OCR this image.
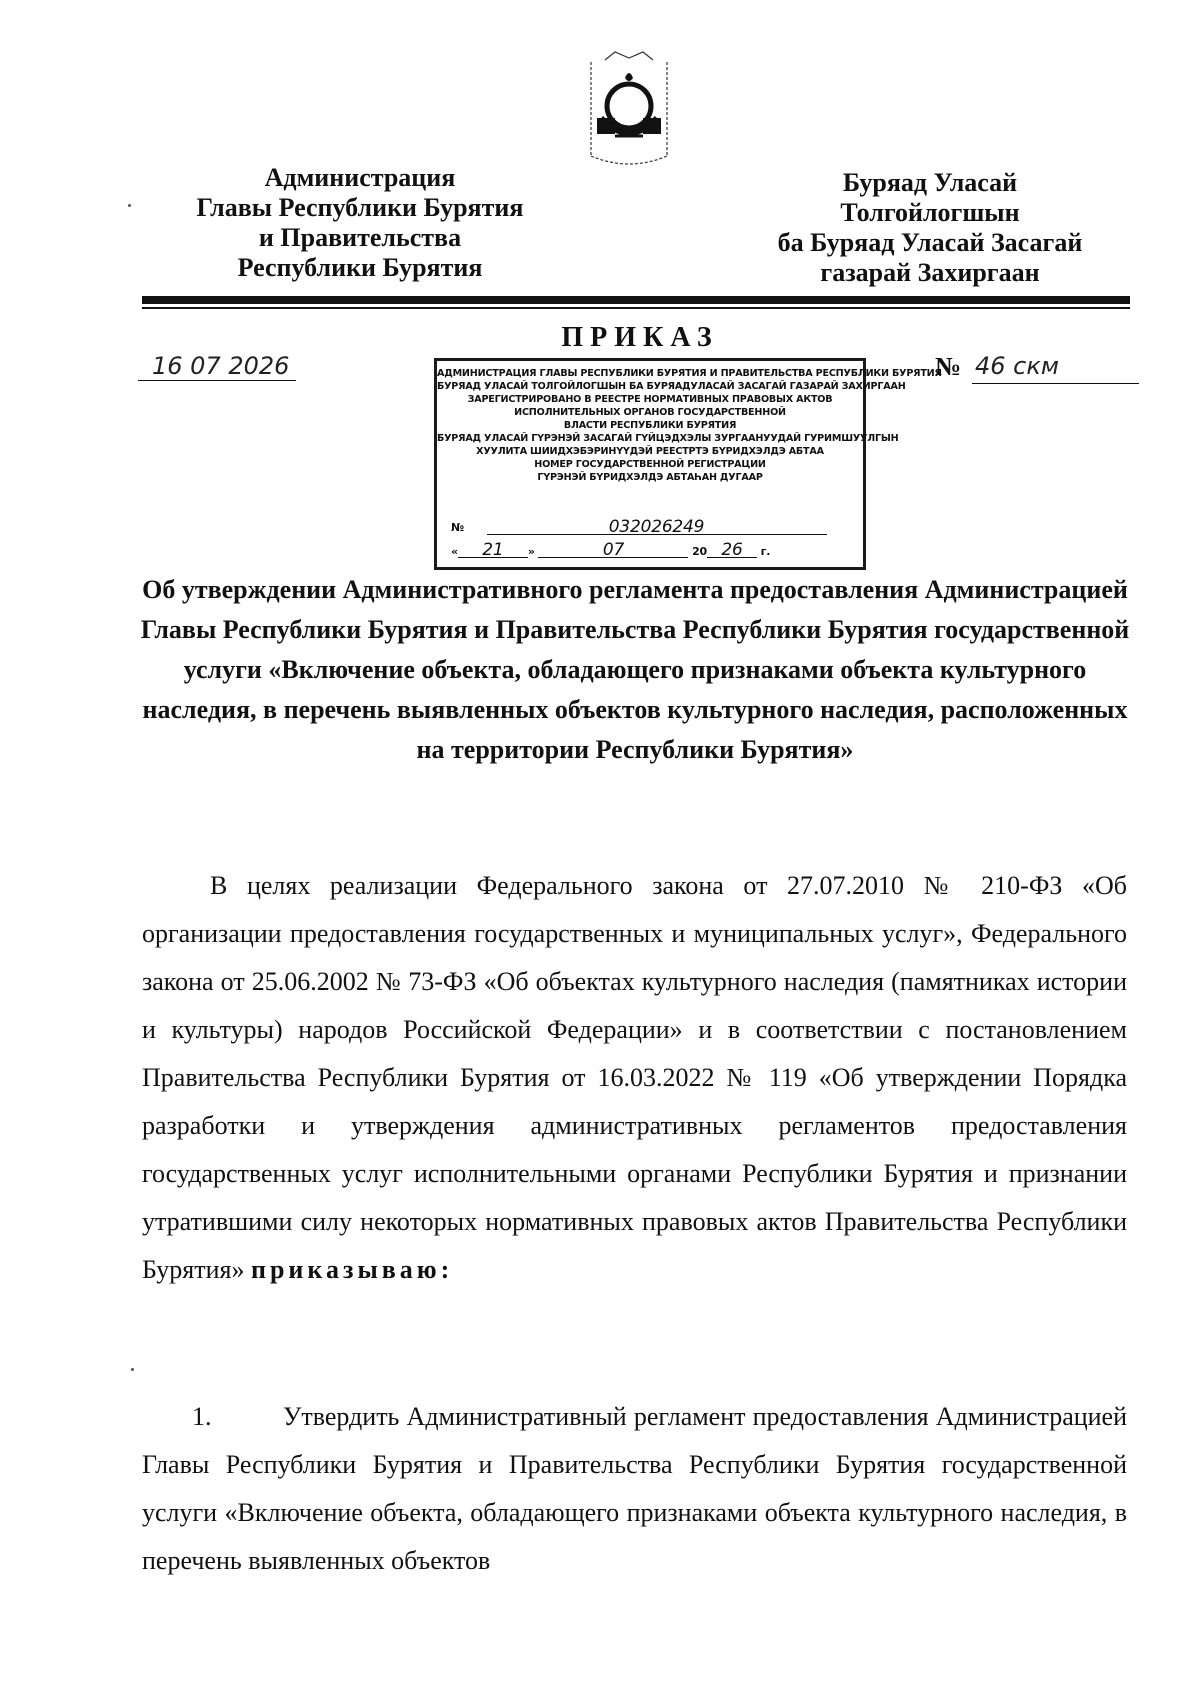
Администрация
Главы Республики Бурятия
и Правительства
Республики Бурятия
Буряад Уласай
Толгойлогшын
ба Буряад Уласай Засагай
газарай Захиргаан
ПРИКАЗ
16 07 2026	№ 46 скм
АДМИНИСТРАЦИЯ ГЛАВЫ РЕСПУБЛИКИ БУРЯТИЯ И ПРАВИТЕЛЬСТВА РЕСПУБЛИКИ БУРЯТИЯ
БУРЯАД УЛАСАЙ ТОЛГОЙЛОГШЫН БА БУРЯАДУЛАСАЙ ЗАСАГАЙ ГАЗАРАЙ ЗАХИРГААН
ЗАРЕГИСТРИРОВАНО В РЕЕСТРЕ НОРМАТИВНЫХ ПРАВОВЫХ АКТОВ
ИСПОЛНИТЕЛЬНЫХ ОРГАНОВ ГОСУДАРСТВЕННОЙ
ВЛАСТИ РЕСПУБЛИКИ БУРЯТИЯ
БУРЯАД УЛАСАЙ ГҮРЭНЭЙ ЗАСАГАЙ ГҮЙЦЭДХЭЛЫ ЗУРГААНУУДАЙ ГУРИМШУУЛГЫН
ХУУЛИТА ШИИДХЭБЭРИНҮҮДЭЙ РЕЕСТРТЭ БҮРИДХЭЛДЭ АБТАА
НОМЕР ГОСУДАРСТВЕННОЙ РЕГИСТРАЦИИ
ГҮРЭНЭЙ БҮРИДХЭЛДЭ АБТАҺАН ДУГААР
№	032026249
« 21 »	07	20 26 г.
Об утверждении Административного регламента предоставления Администрацией Главы Республики Бурятия и Правительства Республики Бурятия государственной услуги «Включение объекта, обладающего признаками объекта культурного наследия, в перечень выявленных объектов культурного наследия, расположенных на территории Республики Бурятия»
В целях реализации Федерального закона от 27.07.2010 № 210-ФЗ «Об организации предоставления государственных и муниципальных услуг», Федерального закона от 25.06.2002 № 73-ФЗ «Об объектах культурного наследия (памятниках истории и культуры) народов Российской Федерации» и в соответствии с постановлением Правительства Республики Бурятия от 16.03.2022 № 119 «Об утверждении Порядка разработки и утверждения административных регламентов предоставления государственных услуг исполнительными органами Республики Бурятия и признании утратившими силу некоторых нормативных правовых актов Правительства Республики Бурятия» приказываю:
1.	Утвердить Административный регламент предоставления Администрацией Главы Республики Бурятия и Правительства Республики Бурятия государственной услуги «Включение объекта, обладающего признаками объекта культурного наследия, в перечень выявленных объектов
